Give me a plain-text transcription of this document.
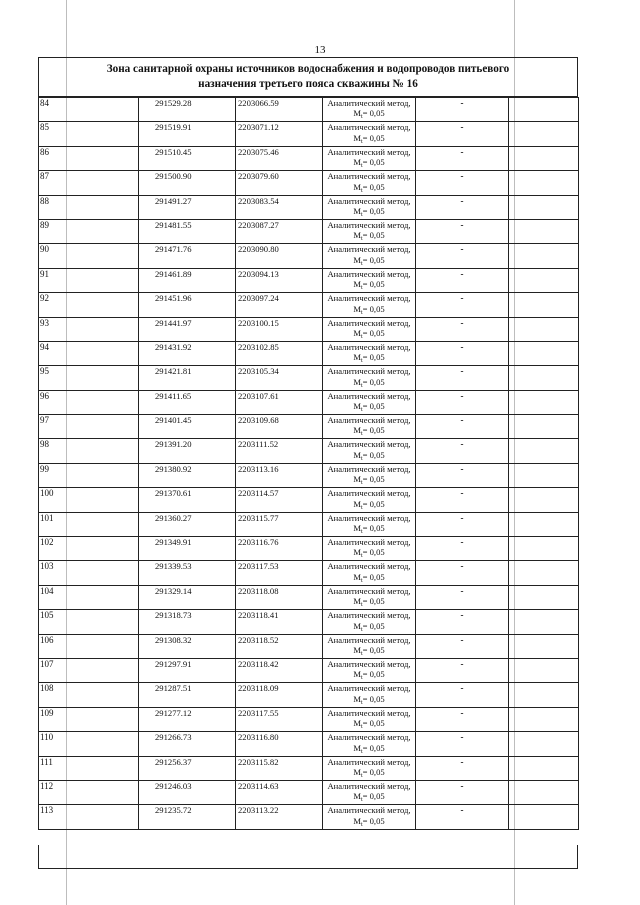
13
Зона санитарной охраны источников водоснабжения и водопроводов питьевого
назначения третьего пояса скважины № 16
84	291529.28	2203066.59	Аналитический метод,
$M_t= 0,05$	-	
85	291519.91	2203071.12	Аналитический метод,
$M_t= 0,05$	-	
86	291510.45	2203075.46	Аналитический метод,
$M_t= 0,05$	-	
87	291500.90	2203079.60	Аналитический метод,
$M_t= 0,05$	-	
88	291491.27	2203083.54	Аналитический метод,
$M_t= 0,05$	-	
89	291481.55	2203087.27	Аналитический метод,
$M_t= 0,05$	-	
90	291471.76	2203090.80	Аналитический метод,
$M_t= 0,05$	-	
91	291461.89	2203094.13	Аналитический метод,
$M_t= 0,05$	-	
92	291451.96	2203097.24	Аналитический метод,
$M_t= 0,05$	-	
93	291441.97	2203100.15	Аналитический метод,
$M_t= 0,05$	-	
94	291431.92	2203102.85	Аналитический метод,
$M_t= 0,05$	-	
95	291421.81	2203105.34	Аналитический метод,
$M_t= 0,05$	-	
96	291411.65	2203107.61	Аналитический метод,
$M_t= 0,05$	-	
97	291401.45	2203109.68	Аналитический метод,
$M_t= 0,05$	-	
98	291391.20	2203111.52	Аналитический метод,
$M_t= 0,05$	-	
99	291380.92	2203113.16	Аналитический метод,
$M_t= 0,05$	-	
100	291370.61	2203114.57	Аналитический метод,
$M_t= 0,05$	-	
101	291360.27	2203115.77	Аналитический метод,
$M_t= 0,05$	-	
102	291349.91	2203116.76	Аналитический метод,
$M_t= 0,05$	-	
103	291339.53	2203117.53	Аналитический метод,
$M_t= 0,05$	-	
104	291329.14	2203118.08	Аналитический метод,
$M_t= 0,05$	-	
105	291318.73	2203118.41	Аналитический метод,
$M_t= 0,05$	-	
106	291308.32	2203118.52	Аналитический метод,
$M_t= 0,05$	-	
107	291297.91	2203118.42	Аналитический метод,
$M_t= 0,05$	-	
108	291287.51	2203118.09	Аналитический метод,
$M_t= 0,05$	-	
109	291277.12	2203117.55	Аналитический метод,
$M_t= 0,05$	-	
110	291266.73	2203116.80	Аналитический метод,
$M_t= 0,05$	-	
111	291256.37	2203115.82	Аналитический метод,
$M_t= 0,05$	-	
112	291246.03	2203114.63	Аналитический метод,
$M_t= 0,05$	-	
113	291235.72	2203113.22	Аналитический метод,
$M_t= 0,05$	-	
